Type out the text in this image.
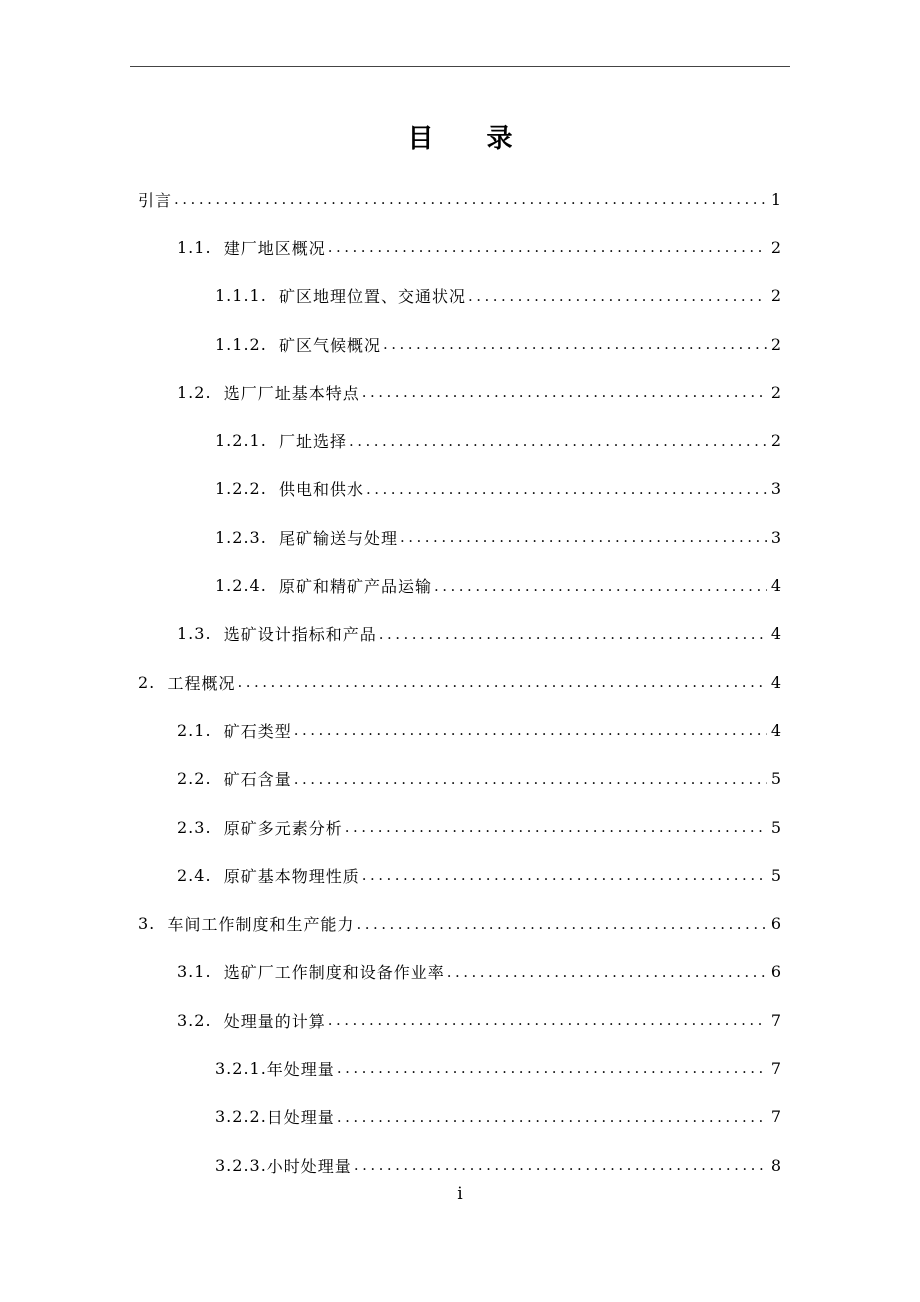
目 录
引言 .....	1
1.1. 建厂地区概况 .....	2
1.1.1. 矿区地理位置、交通状况 .....	2
1.1.2. 矿区气候概况 .....	2
1.2. 选厂厂址基本特点 .....	2
1.2.1. 厂址选择 .....	2
1.2.2. 供电和供水 .....	3
1.2.3. 尾矿输送与处理 .....	3
1.2.4. 原矿和精矿产品运输 .....	4
1.3. 选矿设计指标和产品 .....	4
2. 工程概况 .....	4
2.1. 矿石类型 .....	4
2.2. 矿石含量 .....	5
2.3. 原矿多元素分析 .....	5
2.4. 原矿基本物理性质 .....	5
3. 车间工作制度和生产能力 .....	6
3.1. 选矿厂工作制度和设备作业率 .....	6
3.2. 处理量的计算 .....	7
3.2.1. 年处理量 .....	7
3.2.2. 日处理量 .....	7
3.2.3. 小时处理量 .....	8
i
